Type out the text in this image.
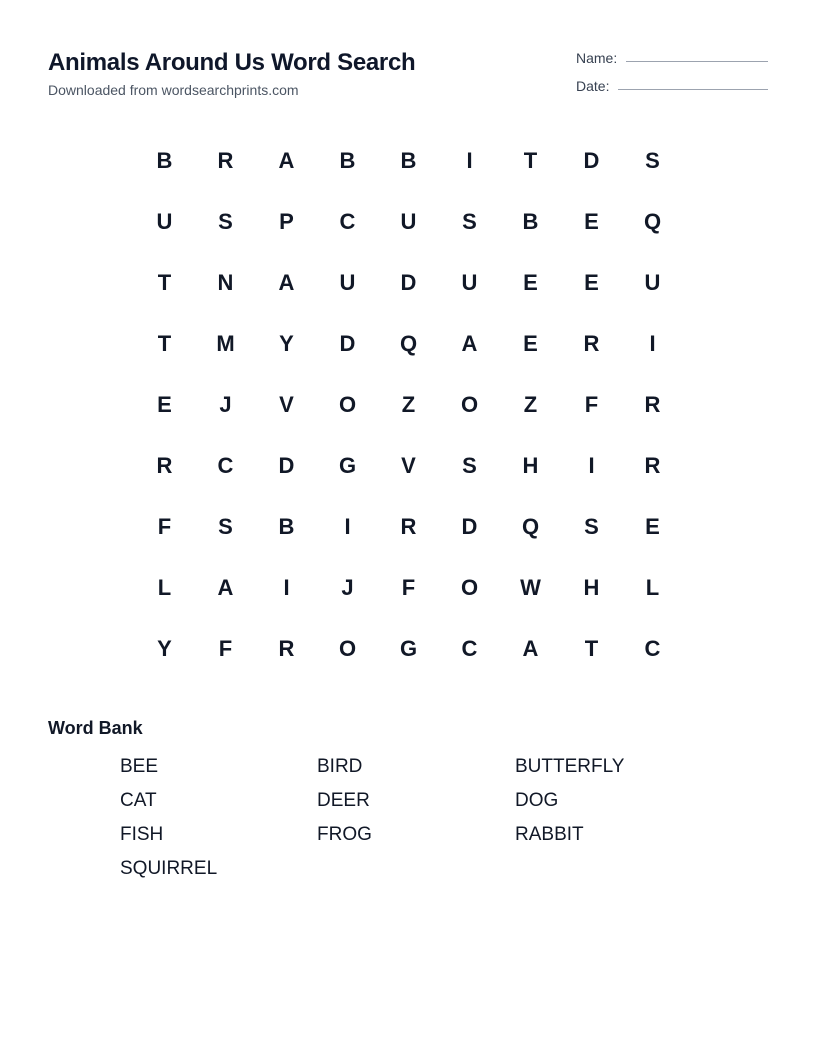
Animals Around Us Word Search
Downloaded from wordsearchprints.com
Name:
Date:
B	R	A	B	B	I	T	D	S
U	S	P	C	U	S	B	E	Q
T	N	A	U	D	U	E	E	U
T	M	Y	D	Q	A	E	R	I
E	J	V	O	Z	O	Z	F	R
R	C	D	G	V	S	H	I	R
F	S	B	I	R	D	Q	S	E
L	A	I	J	F	O	W	H	L
Y	F	R	O	G	C	A	T	C
Word Bank
BEE	BIRD	BUTTERFLY
CAT	DEER	DOG
FISH	FROG	RABBIT
SQUIRREL
